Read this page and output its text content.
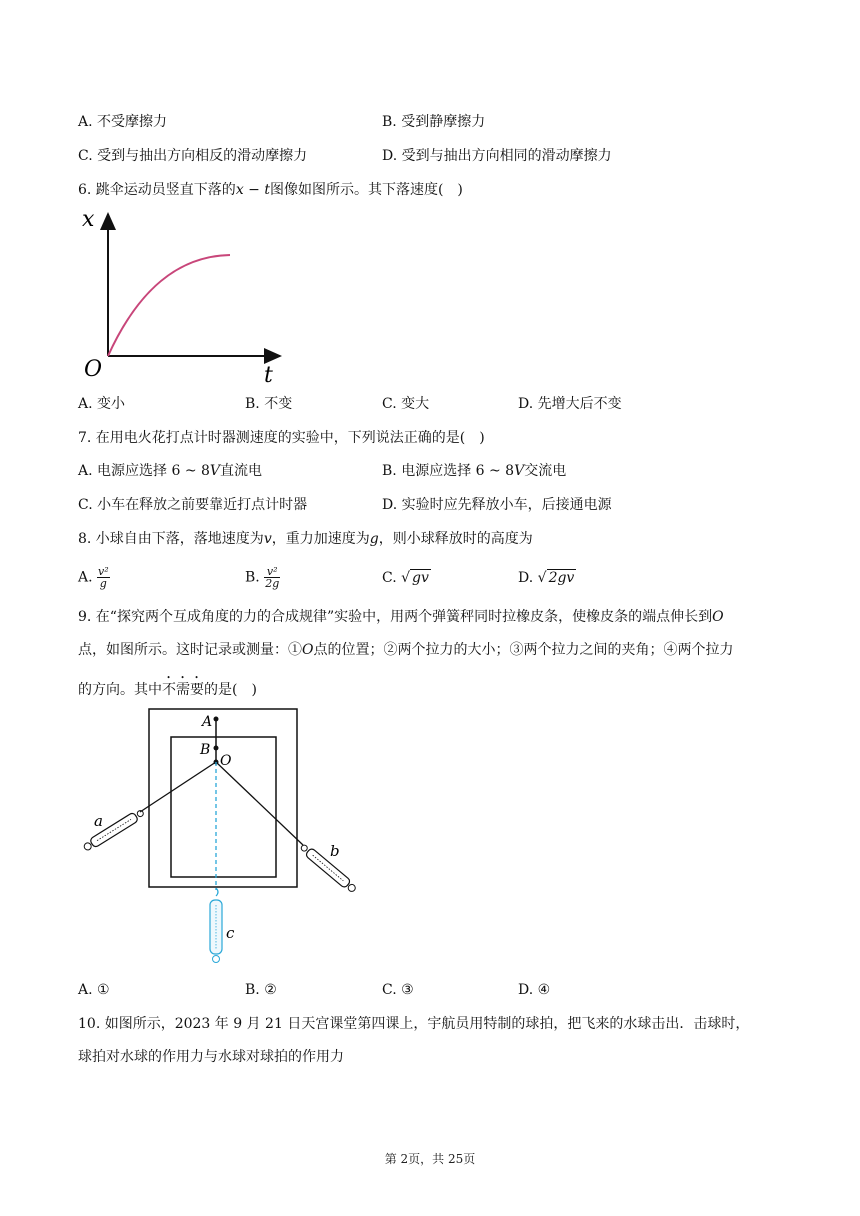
A. 不受摩擦力	B. 受到静摩擦力
C. 受到与抽出方向相反的滑动摩擦力	D. 受到与抽出方向相同的滑动摩擦力
6. 跳伞运动员竖直下落的x − t图像如图所示。其下落速度(　)
x
t
O
A. 变小	B. 不变	C. 变大	D. 先增大后不变
7. 在用电火花打点计时器测速度的实验中，下列说法正确的是(　)
A. 电源应选择 6 ~ 8V直流电	B. 电源应选择 6 ~ 8V交流电
C. 小车在释放之前要靠近打点计时器	D. 实验时应先释放小车，后接通电源
8. 小球自由下落，落地速度为v，重力加速度为g，则小球释放时的高度为
A. $\frac{\text{v²}}{g}$	B. $\frac{\text{v²}}{2g}$	C. √ gv	D. √ 2gv
9. 在“探究两个互成角度的力的合成规律”实验中，用两个弹簧秤同时拉橡皮条，使橡皮条的端点伸长到O
点，如图所示。这时记录或测量：①O点的位置；②两个拉力的大小；③两个拉力之间的夹角；④两个拉力
的方向。其中不需要的是(　)
A
B
O
a
b
c
A. ①	B. ②	C. ③	D. ④
10. 如图所示，2023 年 9 月 21 日天宫课堂第四课上，宇航员用特制的球拍，把飞来的水球击出．击球时，
球拍对水球的作用力与水球对球拍的作用力
第 2页，共 25页
